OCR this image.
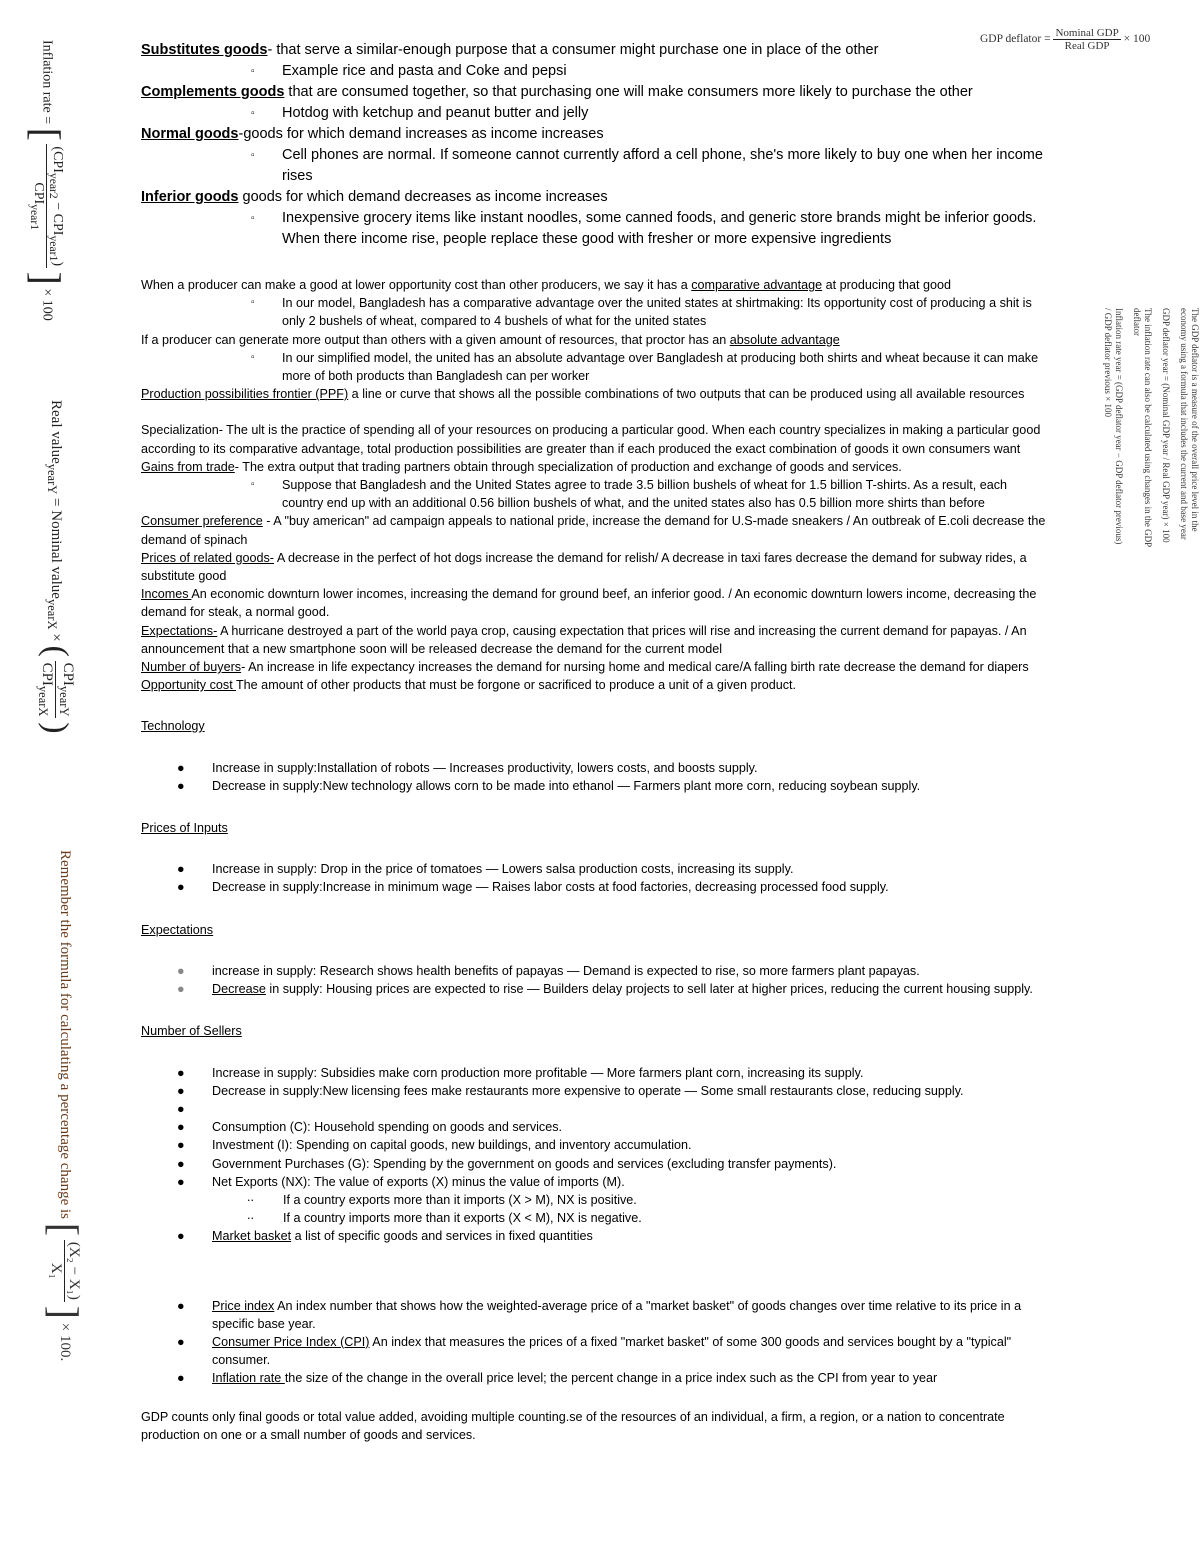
GDP deflator = $\frac{\text{Nominal GDP}}{\text{Real GDP}} \times 100$
Inflation rate = [
$(CPI_{year2} - CPI_{year1})$
$CPI_{year1}$
] × 100
Real value$_{yearY}$ = Nominal value$_{yearX}$ × (
$CPI_{yearY}$
$CPI_{yearX}$
)
Remember the formula for calculating a percentage change is [
(X₂ − X₁)
X₁
] × 100.

The GDP deflator is a measure of the overall price level in the economy using a formula that includes the current and base year

GDP deflator year = (Nominal GDP year / Real GDP year) × 100

The inflation rate can also be calculated using changes in the GDP deflator

Inflation rate year = (GDP deflator year − GDP deflator previous) / GDP deflator previous × 100

Substitutes goods- that serve a similar-enough purpose that a consumer might purchase one in place of the other
▫ Example rice and pasta and Coke and pepsi
Complements goods that are consumed together, so that purchasing one will make consumers more likely to purchase the other
▫ Hotdog with ketchup and peanut butter and jelly
Normal goods-goods for which demand increases as income increases
▫ Cell phones are normal. If someone cannot currently afford a cell phone, she's more likely to buy one when her income rises
Inferior goods goods for which demand decreases as income increases
▫ Inexpensive grocery items like instant noodles, some canned foods, and generic store brands might be inferior goods. When there income rise, people replace these good with fresher or more expensive ingredients
When a producer can make a good at lower opportunity cost than other producers, we say it has a comparative advantage at producing that good
▫ In our model, Bangladesh has a comparative advantage over the united states at shirtmaking: Its opportunity cost of producing a shit is only 2 bushels of wheat, compared to 4 bushels of what for the united states
If a producer can generate more output than others with a given amount of resources, that proctor has an absolute advantage
▫ In our simplified model, the united has an absolute advantage over Bangladesh at producing both shirts and wheat because it can make more of both products than Bangladesh can per worker
Production possibilities frontier (PPF) a line or curve that shows all the possible combinations of two outputs that can be produced using all available resources
Specialization- The ult is the practice of spending all of your resources on producing a particular good. When each country specializes in making a particular good according to its comparative advantage, total production possibilities are greater than if each produced the exact combination of goods it own consumers want
Gains from trade- The extra output that trading partners obtain through specialization of production and exchange of goods and services.
▫ Suppose that Bangladesh and the United States agree to trade 3.5 billion bushels of wheat for 1.5 billion T-shirts. As a result, each country end up with an additional 0.56 billion bushels of what, and the united states also has 0.5 billion more shirts than before
Consumer preference - A "buy american" ad campaign appeals to national pride, increase the demand for U.S-made sneakers / An outbreak of E.coli decrease the demand of spinach
Prices of related goods- A decrease in the perfect of hot dogs increase the demand for relish/ A decrease in taxi fares decrease the demand for subway rides, a substitute good
Incomes An economic downturn lower incomes, increasing the demand for ground beef, an inferior good. / An economic downturn lowers income, decreasing the demand for steak, a normal good.
Expectations- A hurricane destroyed a part of the world paya crop, causing expectation that prices will rise and increasing the current demand for papayas. / An announcement that a new smartphone soon will be released decrease the demand for the current model
Number of buyers- An increase in life expectancy increases the demand for nursing home and medical care/A falling birth rate decrease the demand for diapers
Opportunity cost The amount of other products that must be forgone or sacrificed to produce a unit of a given product.
Technology
● Increase in supply:Installation of robots — Increases productivity, lowers costs, and boosts supply.
● Decrease in supply:New technology allows corn to be made into ethanol — Farmers plant more corn, reducing soybean supply.
Prices of Inputs
● Increase in supply: Drop in the price of tomatoes — Lowers salsa production costs, increasing its supply.
● Decrease in supply:Increase in minimum wage — Raises labor costs at food factories, decreasing processed food supply.
Expectations
● increase in supply: Research shows health benefits of papayas — Demand is expected to rise, so more farmers plant papayas.
● Decrease in supply: Housing prices are expected to rise — Builders delay projects to sell later at higher prices, reducing the current housing supply.
Number of Sellers
● Increase in supply: Subsidies make corn production more profitable — More farmers plant corn, increasing its supply.
● Decrease in supply:New licensing fees make restaurants more expensive to operate — Some small restaurants close, reducing supply.
●

● Consumption (C): Household spending on goods and services.
● Investment (I): Spending on capital goods, new buildings, and inventory accumulation.
● Government Purchases (G): Spending by the government on goods and services (excluding transfer payments).
● Net Exports (NX): The value of exports (X) minus the value of imports (M).
.. If a country exports more than it imports (X > M), NX is positive.
.. If a country imports more than it exports (X < M), NX is negative.
● Market basket a list of specific goods and services in fixed quantities
● Price index An index number that shows how the weighted-average price of a "market basket" of goods changes over time relative to its price in a specific base year.
● Consumer Price Index (CPI) An index that measures the prices of a fixed "market basket" of some 300 goods and services bought by a "typical" consumer.
● Inflation rate the size of the change in the overall price level; the percent change in a price index such as the CPI from year to year
GDP counts only final goods or total value added, avoiding multiple counting.se of the resources of an individual, a firm, a region, or a nation to concentrate production on one or a small number of goods and services.
